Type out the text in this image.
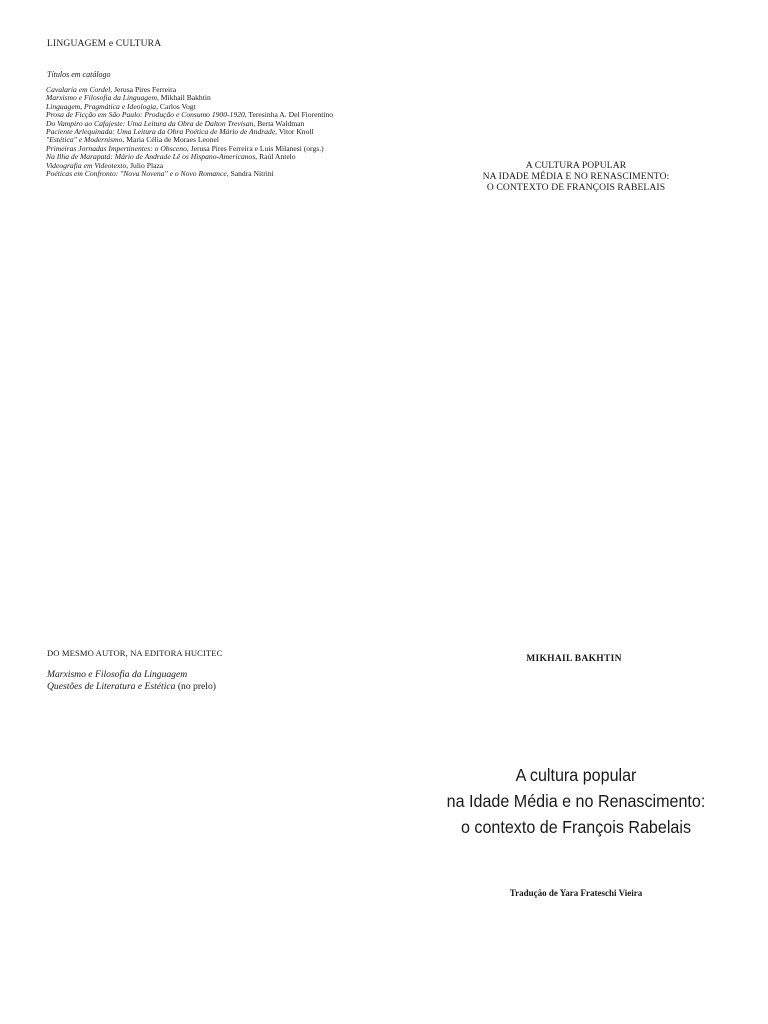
LINGUAGEM e CULTURA
Títulos em catálogo
Cavalaria em Cordel, Jerusa Pires Ferreira
Marxismo e Filosofia da Linguagem, Mikhail Bakhtin
Linguagem, Pragmática e Ideologia, Carlos Vogt
Prosa de Ficção em São Paulo: Produção e Consumo 1900-1920, Teresinha A. Del Fiorentino
Do Vampiro ao Cafajeste: Uma Leitura da Obra de Dalton Trevisan, Berta Waldman
Paciente Arlequinada: Uma Leitura da Obra Poética de Mário de Andrade, Vitor Knoll
"Estética" e Modernismo, Maria Célia de Moraes Leonel
Primeiras Jornadas Impertinentes: o Obsceno, Jerusa Pires Ferreira e Luis Milanesi (orgs.)
Na Ilha de Marapatá: Mário de Andrade Lê os Hispano-Americanos, Raúl Antelo
Videografia em Videotexto, Julio Plaza
Poéticas em Confronto: "Nova Novena" e o Novo Romance, Sandra Nitrini
DO MESMO AUTOR, NA EDITORA HUCITEC
Marxismo e Filosofia da Linguagem
Questões de Literatura e Estética (no prelo)
A CULTURA POPULAR
NA IDADE MÉDIA E NO RENASCIMENTO:
O CONTEXTO DE FRANÇOIS RABELAIS
MIKHAIL BAKHTIN
A cultura popular
na Idade Média e no Renascimento:
o contexto de François Rabelais
Tradução de Yara Frateschi Vieira
